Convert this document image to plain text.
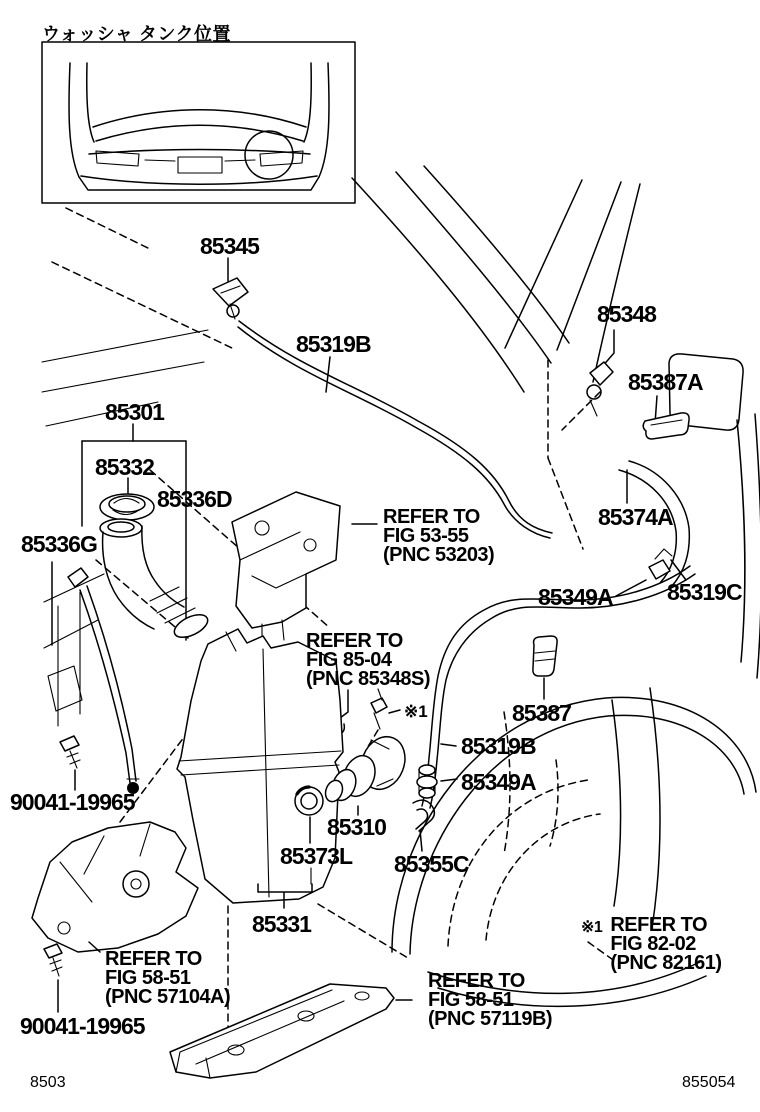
ウォッシャ タンク位置
8503	855054
85345
85319B
85348
85387A
85301
85332
85336D
85336G
85374A
85349A 85319C
85387
85319B
85349A
90041-19965
85310
85373L 85355C
85331
90041-19965
※1
REFER TO
FIG 53-55
(PNC 53203)
REFER TO
FIG 85-04
(PNC 85348S)
REFER TO
FIG 58-51
(PNC 57104A)
REFER TO
FIG 58-51
(PNC 57119B)
※1 REFER TO
FIG 82-02
(PNC 82161)
